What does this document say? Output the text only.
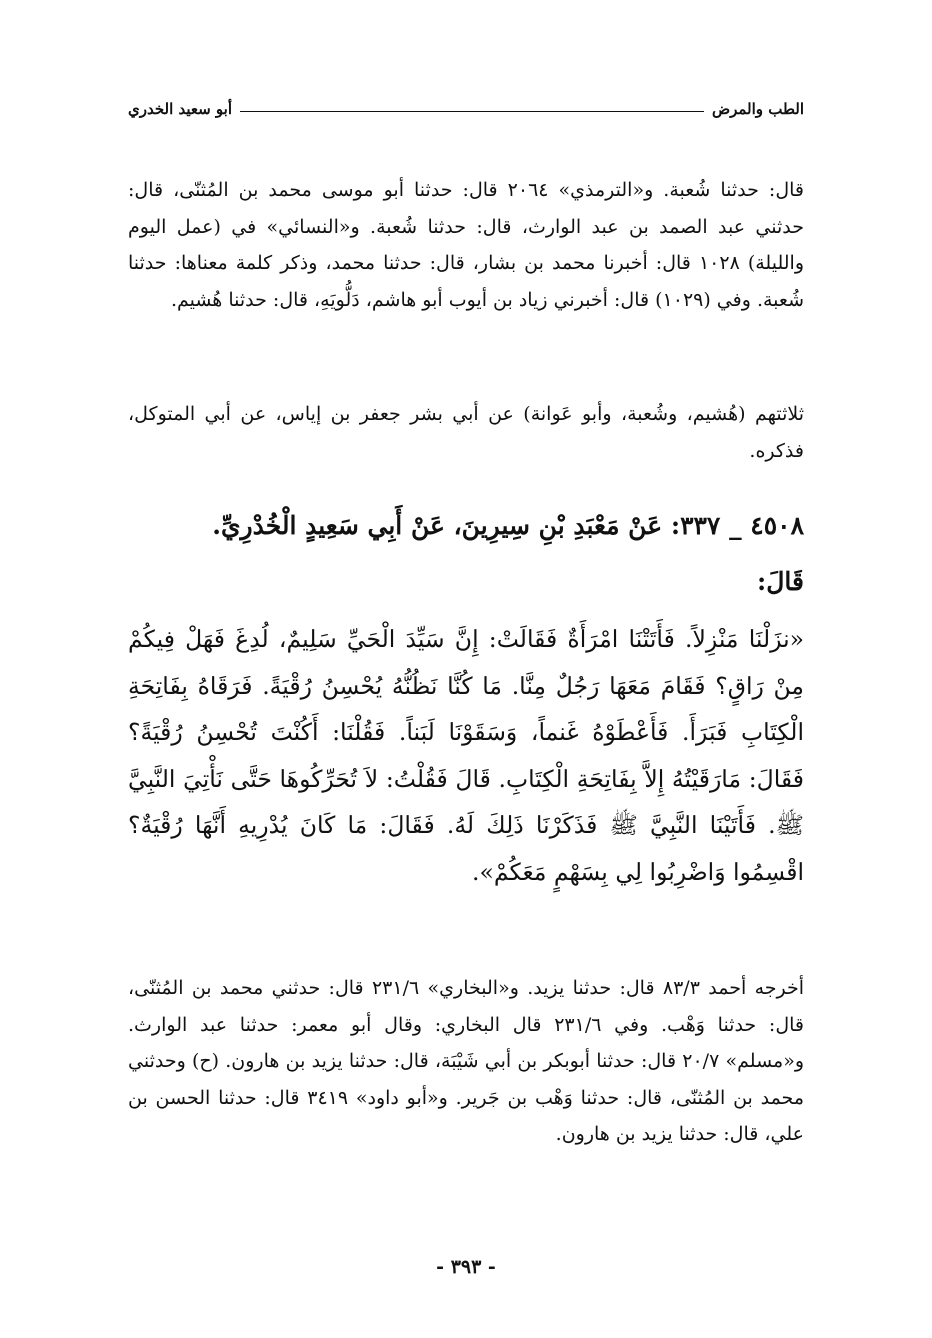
الطب والمرض
أبو سعيد الخدري

قال: حدثنا شُعبة. و«الترمذي» ٢٠٦٤ قال: حدثنا أبو موسى محمد بن المُثنّى، قال: حدثني عبد الصمد بن عبد الوارث، قال: حدثنا شُعبة. و«النسائي» في (عمل اليوم والليلة) ١٠٢٨ قال: أخبرنا محمد بن بشار، قال: حدثنا محمد، وذكر كلمة معناها: حدثنا شُعبة. وفي (١٠٢٩) قال: أخبرني زياد بن أيوب أبو هاشم، دَلُّويَهِ، قال: حدثنا هُشيم.

ثلاثتهم (هُشيم، وشُعبة، وأبو عَوانة) عن أبي بشر جعفر بن إياس، عن أبي المتوكل، فذكره.

٤٥٠٨ _ ٣٣٧: عَنْ مَعْبَدِ بْنِ سِيرِينَ، عَنْ أَبِي سَعِيدٍ الْخُدْرِيِّ.

قَالَ:

«نزَلْنَا مَنْزِلاً. فَأَتَتْنَا امْرَأَةٌ فَقَالَتْ: إِنَّ سَيِّدَ الْحَيِّ سَلِيمٌ، لُدِغَ فَهَلْ فِيكُمْ مِنْ رَاقٍ؟ فَقَامَ مَعَهَا رَجُلٌ مِنَّا. مَا كُنَّا نَظُنُّهُ يُحْسِنُ رُقْيَةً. فَرَقَاهُ بِفَاتِحَةِ الْكِتَابِ فَبَرَأَ. فَأَعْطَوْهُ غَنماً، وَسَقَوْنَا لَبَناً. فَقُلْنَا: أَكُنْتَ تُحْسِنُ رُقْيَةً؟ فَقَالَ: مَارَقَيْتُهُ إِلاَّ بِفَاتِحَةِ الْكِتَابِ. قَالَ فَقُلْتُ: لاَ تُحَرِّكُوهَا حَتَّى نَأْتِيَ النَّبِيَّ ﷺ. فَأَتَيْنَا النَّبِيَّ ﷺ فَذَكَرْنَا ذَلِكَ لَهُ. فَقَالَ: مَا كَانَ يُدْرِيهِ أَنَّهَا رُقْيَةٌ؟ اقْسِمُوا وَاضْرِبُوا لِي بِسَهْمٍ مَعَكُمْ».

أخرجه أحمد ٨٣/٣ قال: حدثنا يزيد. و«البخاري» ٢٣١/٦ قال: حدثني محمد بن المُثنّى، قال: حدثنا وَهْب. وفي ٢٣١/٦ قال البخاري: وقال أبو معمر: حدثنا عبد الوارث. و«مسلم» ٢٠/٧ قال: حدثنا أبوبكر بن أبي شَيْبَة، قال: حدثنا يزيد بن هارون. (ح) وحدثني محمد بن المُثنّى، قال: حدثنا وَهْب بن جَرير. و«أبو داود» ٣٤١٩ قال: حدثنا الحسن بن علي، قال: حدثنا يزيد بن هارون.

- ٣٩٣ -
